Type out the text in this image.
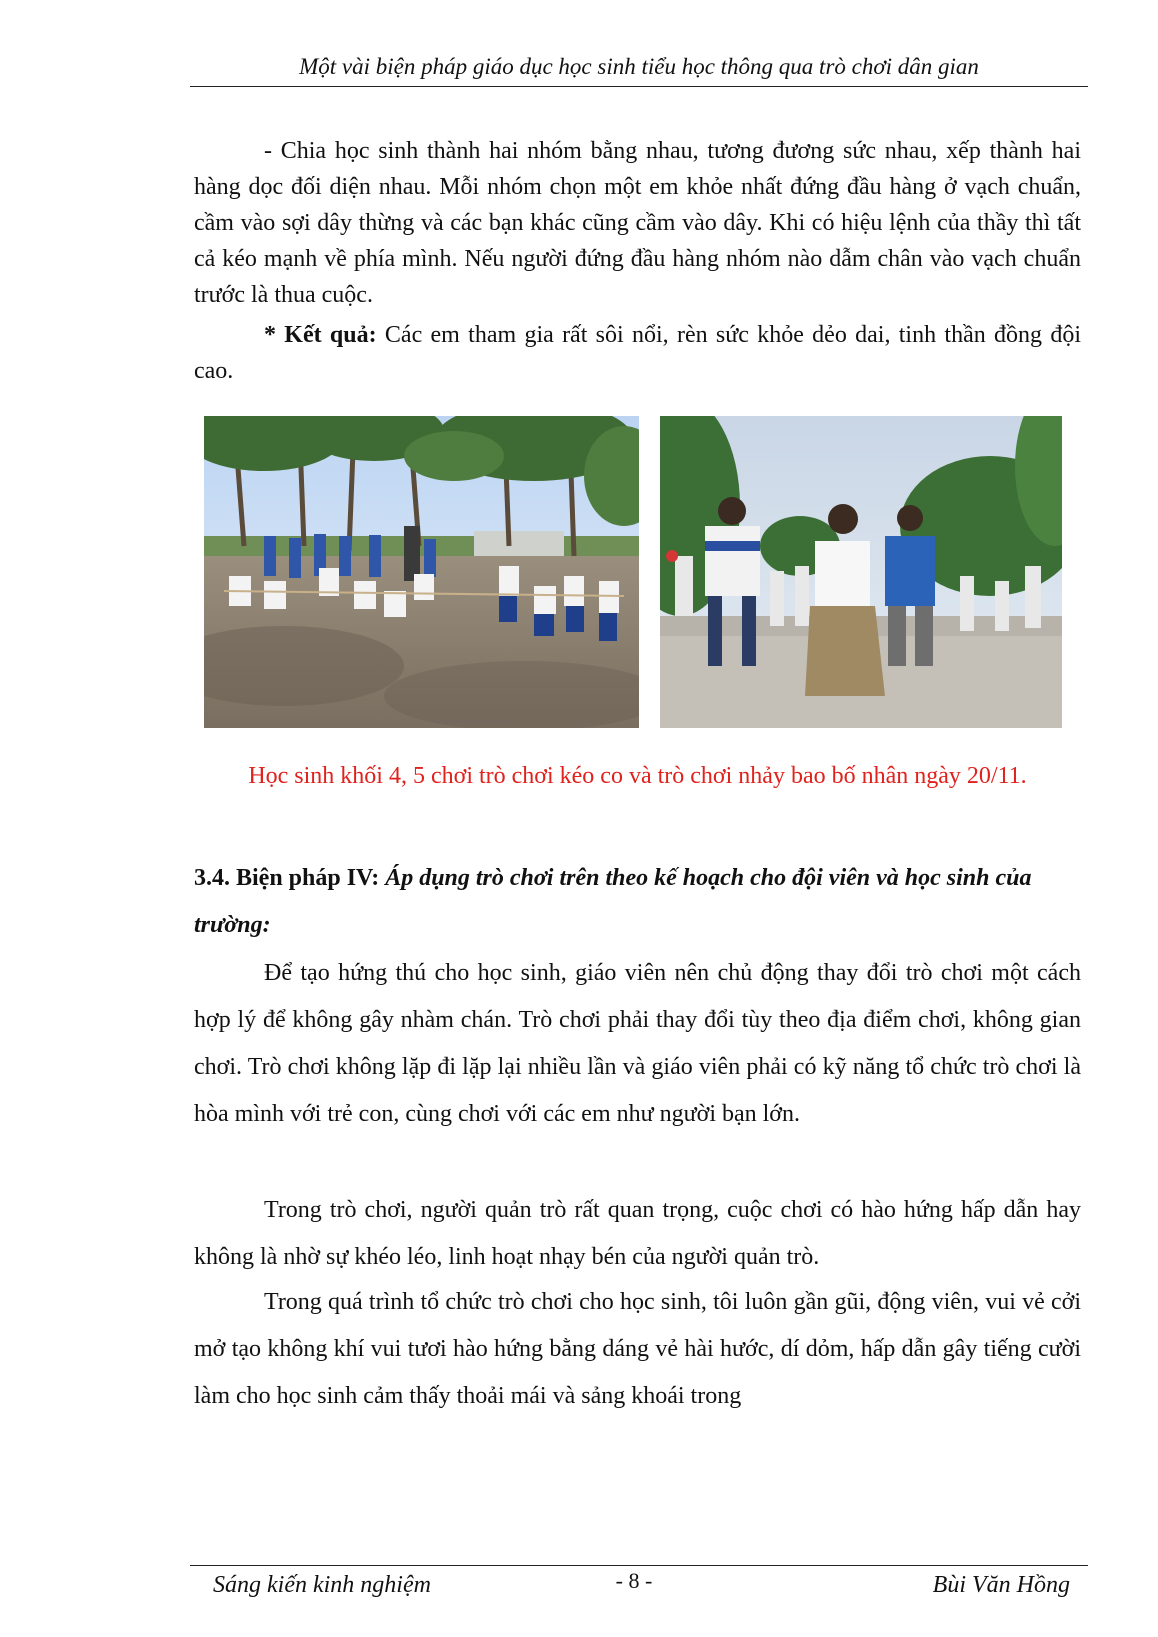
Một vài biện pháp giáo dục học sinh tiểu học thông qua trò chơi dân gian

- Chia học sinh thành hai nhóm bằng nhau, tương đương sức nhau, xếp thành hai hàng dọc đối diện nhau. Mỗi nhóm chọn một em khỏe nhất đứng đầu hàng ở vạch chuẩn, cầm vào sợi dây thừng và các bạn khác cũng cầm vào dây. Khi có hiệu lệnh của thầy thì tất cả kéo mạnh về phía mình. Nếu người đứng đầu hàng nhóm nào dẫm chân vào vạch chuẩn trước là thua cuộc.

* Kết quả: Các em tham gia rất sôi nổi, rèn sức khỏe dẻo dai, tinh thần đồng đội cao.

Học sinh khối 4, 5 chơi trò chơi kéo co và trò chơi nhảy bao bố nhân ngày 20/11.

3.4. Biện pháp IV: Áp dụng trò chơi trên theo kế hoạch cho đội viên và học sinh của trường:

Để tạo hứng thú cho học sinh, giáo viên nên chủ động thay đổi trò chơi một cách hợp lý để không gây nhàm chán. Trò chơi phải thay đổi tùy theo địa điểm chơi, không gian chơi. Trò chơi không lặp đi lặp lại nhiều lần và giáo viên phải có kỹ năng tổ chức trò chơi là hòa mình với trẻ con, cùng chơi với các em như người bạn lớn.

Trong trò chơi, người quản trò rất quan trọng, cuộc chơi có hào hứng hấp dẫn hay không là nhờ sự khéo léo, linh hoạt nhạy bén của người quản trò.

Trong quá trình tổ chức trò chơi cho học sinh, tôi luôn gần gũi, động viên, vui vẻ cởi mở tạo không khí vui tươi hào hứng bằng dáng vẻ hài hước, dí dỏm, hấp dẫn gây tiếng cười làm cho học sinh cảm thấy thoải mái và sảng khoái trong

Sáng kiến kinh nghiệm	- 8 -	Bùi Văn Hồng
